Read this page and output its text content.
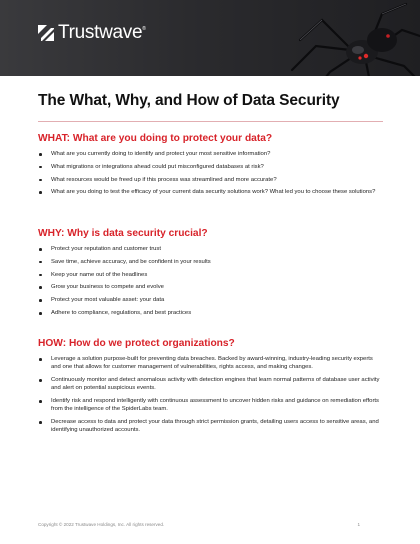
Trustwave ®
The What, Why, and How of Data Security
WHAT: What are you doing to protect your data?
What are you currently doing to identify and protect your most sensitive information?
What migrations or integrations ahead could put misconfigured databases at risk?
What resources would be freed up if this process was streamlined and more accurate?
What are you doing to test the efficacy of your current data security solutions work? What led you to choose these solutions?
WHY: Why is data security crucial?
Protect your reputation and customer trust
Save time, achieve accuracy, and be confident in your results
Keep your name out of the headlines
Grow your business to compete and evolve
Protect your most valuable asset: your data
Adhere to compliance, regulations, and best practices
HOW: How do we protect organizations?
Leverage a solution purpose-built for preventing data breaches. Backed by award-winning, industry-leading security experts and one that allows for customer management of vulnerabilities, rights access, and making changes.
Continuously monitor and detect anomalous activity with detection engines that learn normal patterns of database user activity and alert on potential suspicious events.
Identify risk and respond intelligently with continuous assessment to uncover hidden risks and guidance on remediation efforts from the intelligence of the SpiderLabs team.
Decrease access to data and protect your data through strict permission grants, detailing users access to sensitive areas, and identifying unauthorized accounts.
Copyright © 2022 Trustwave Holdings, Inc. All rights reserved.	1
